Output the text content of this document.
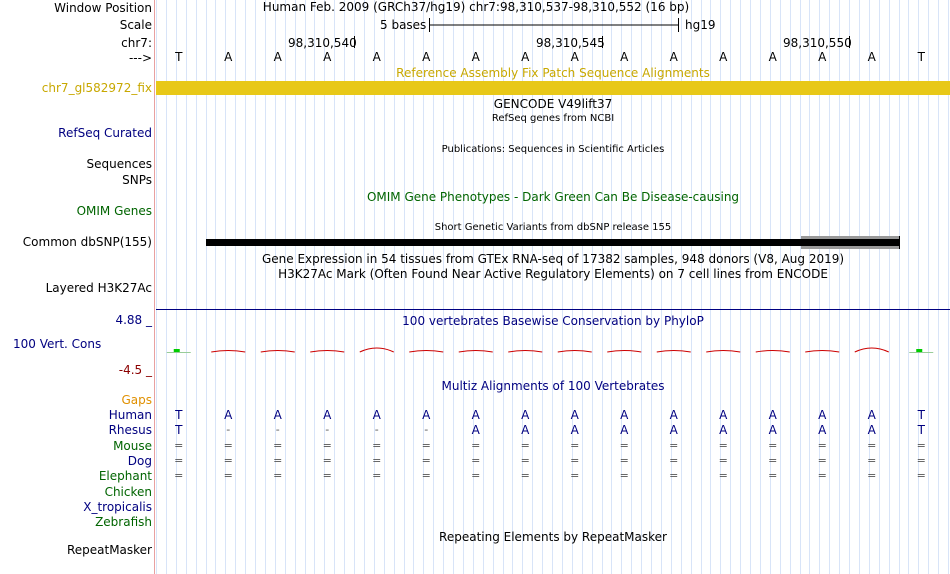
Window Position
Scale
chr7:
--->
Human Feb. 2009 (GRCh37/hg19) chr7:98,310,537-98,310,552 (16 bp)
5 bases	hg19
98,310,540	98,310,545	98,310,550
T	A	A	A	A	A	A	A	A	A	A	A	A	A	A	T
Reference Assembly Fix Patch Sequence Alignments
chr7_gl582972_fix
GENCODE V49lift37
RefSeq genes from NCBI
RefSeq Curated
Publications: Sequences in Scientific Articles
Sequences
SNPs
OMIM Gene Phenotypes - Dark Green Can Be Disease-causing
OMIM Genes
Short Genetic Variants from dbSNP release 155
Common dbSNP(155)
Gene Expression in 54 tissues from GTEx RNA-seq of 17382 samples, 948 donors (V8, Aug 2019)
H3K27Ac Mark (Often Found Near Active Regulatory Elements) on 7 cell lines from ENCODE
Layered H3K27Ac
100 vertebrates Basewise Conservation by PhyloP
4.88 _
100 Vert. Cons
-4.5 _
Multiz Alignments of 100 Vertebrates
Gaps
Human	T	A	A	A	A	A	A	A	A	A	A	A	A	A	A	T
Rhesus	T	-	-	-	-	-	A	A	A	A	A	A	A	A	A	T
Mouse	=	=	=	=	=	=	=	=	=	=	=	=	=	=	=	=
Dog	=	=	=	=	=	=	=	=	=	=	=	=	=	=	=	=
Elephant	=	=	=	=	=	=	=	=	=	=	=	=	=	=	=	=
Chicken
X_tropicalis
Zebrafish
Repeating Elements by RepeatMasker
RepeatMasker
